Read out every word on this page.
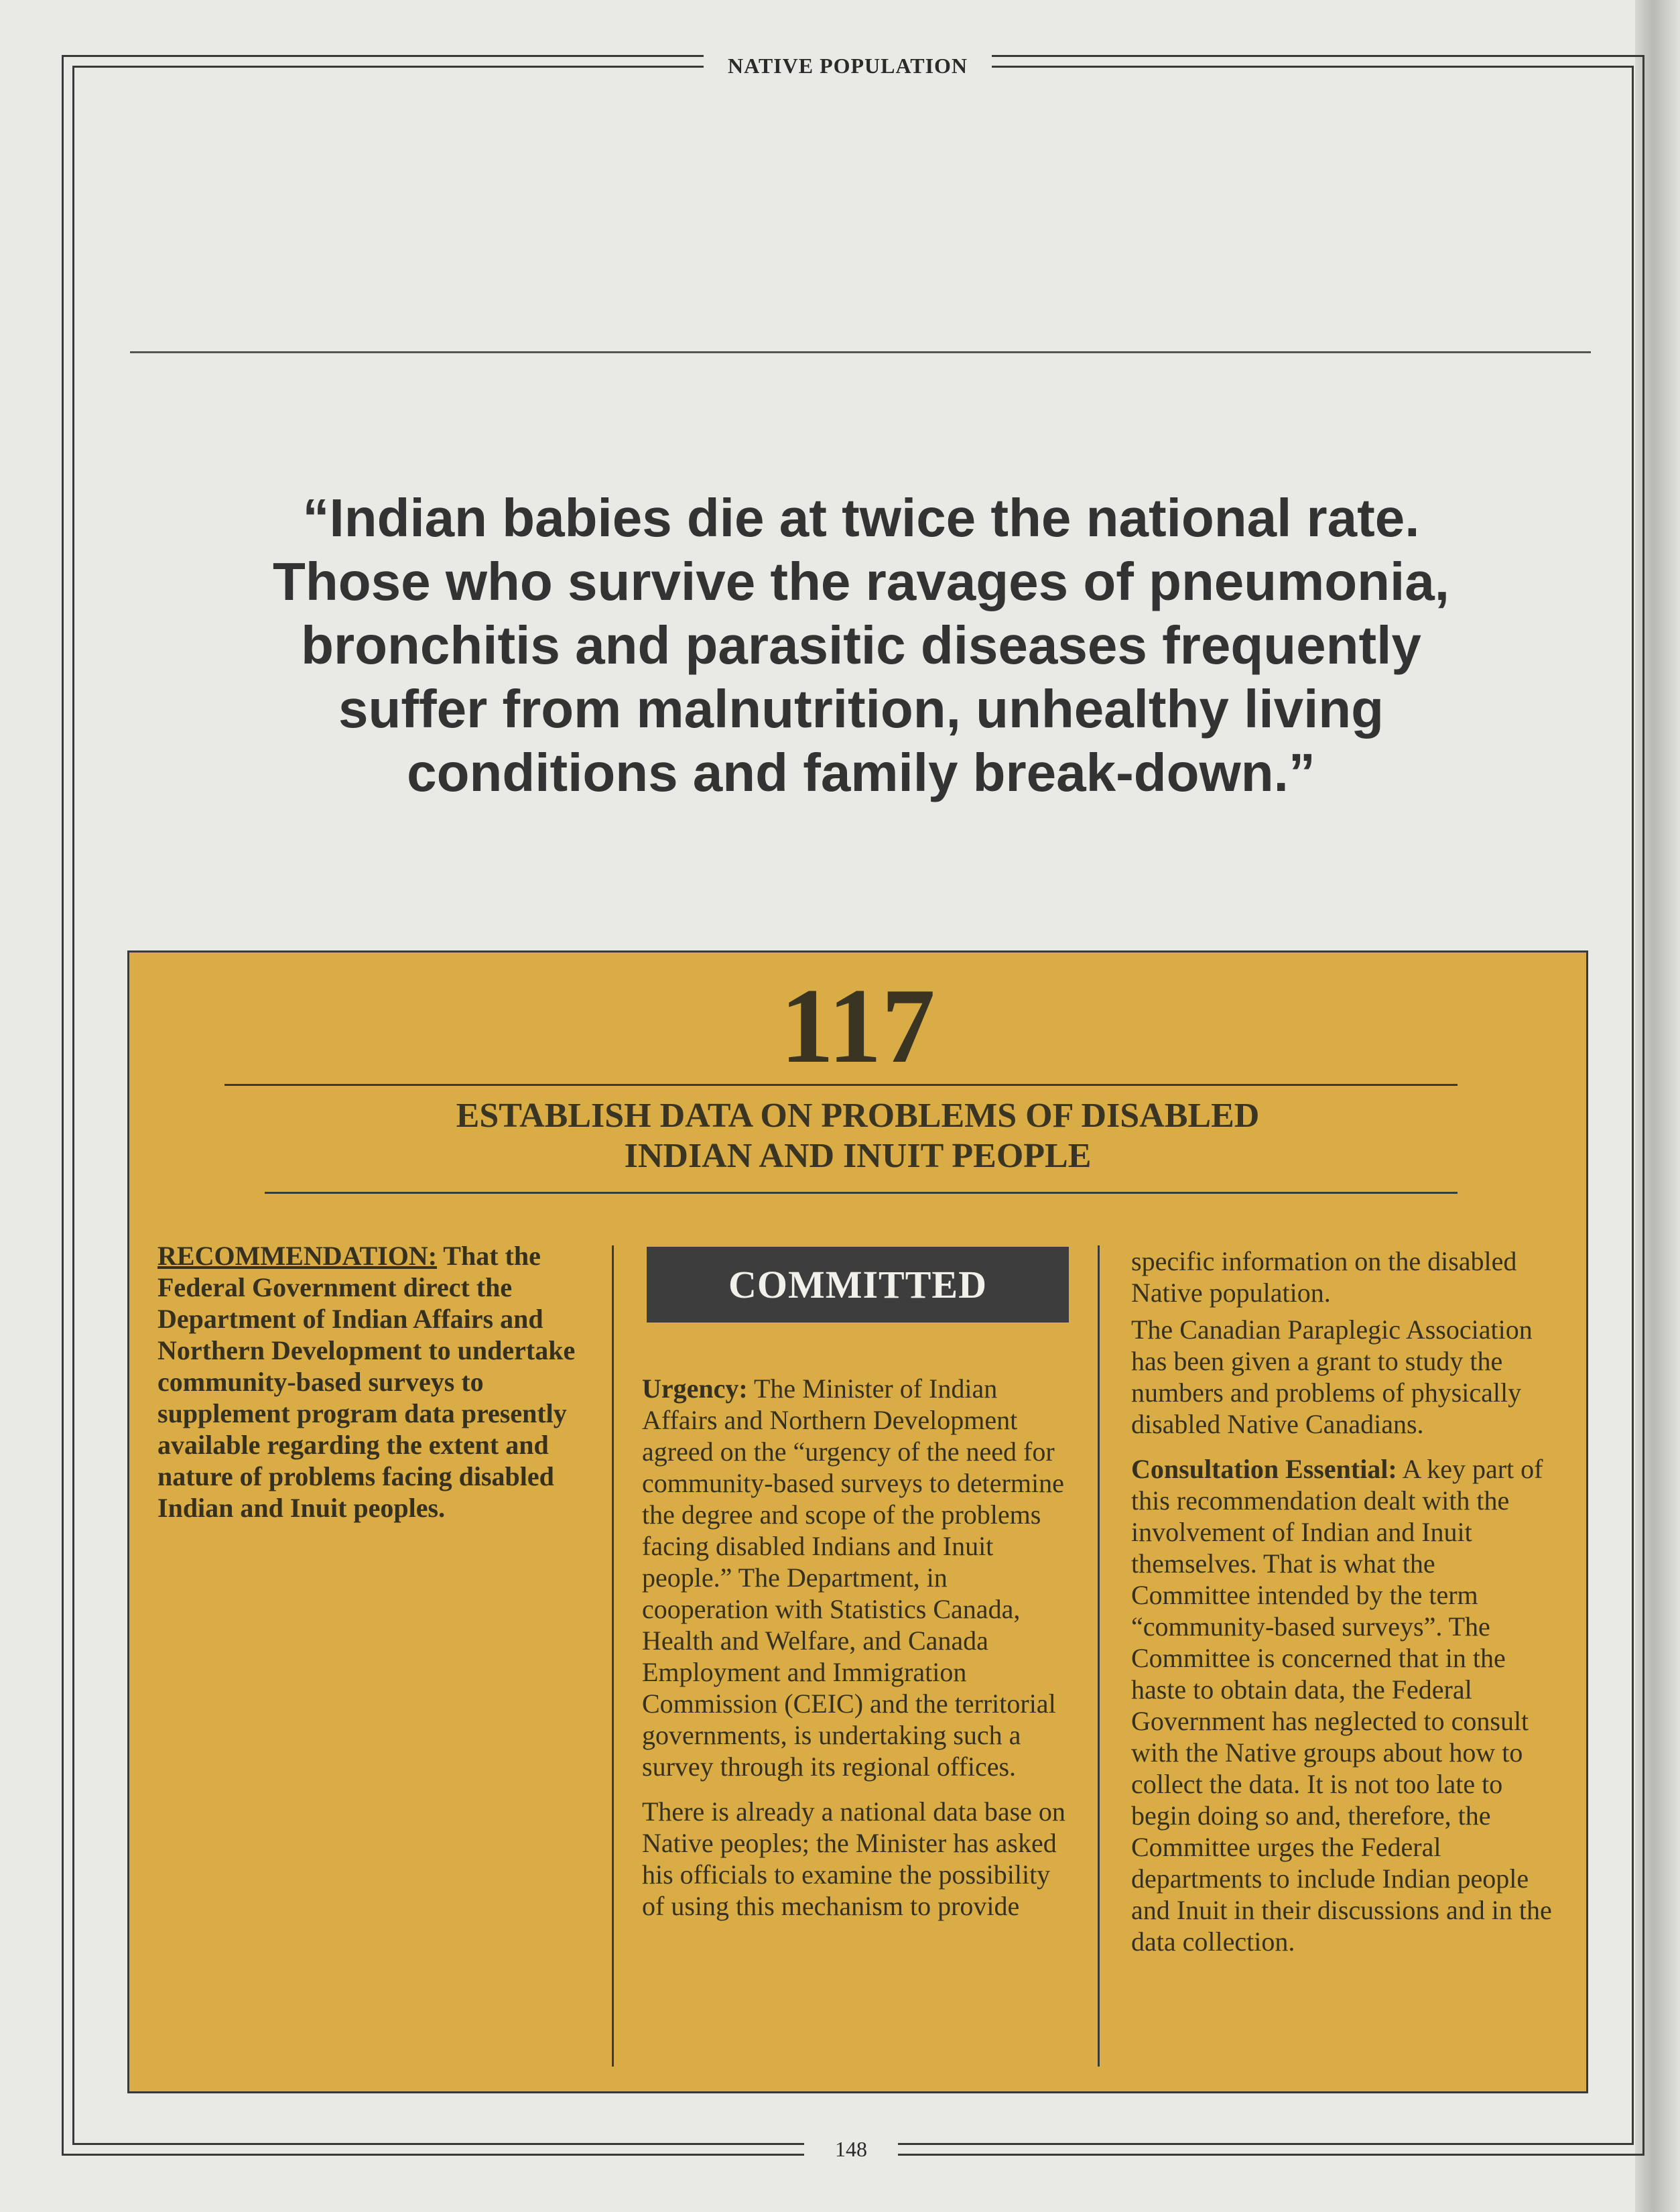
NATIVE POPULATION

“Indian babies die at twice the national rate.
Those who survive the ravages of pneumonia,
bronchitis and parasitic diseases frequently
suffer from malnutrition, unhealthy living
conditions and family break-down.”

117

ESTABLISH DATA ON PROBLEMS OF DISABLED
INDIAN AND INUIT PEOPLE

RECOMMENDATION: That the Federal Government direct the Department of Indian Affairs and Northern Development to undertake community-based surveys to supplement program data presently available regarding the extent and nature of problems facing disabled Indian and Inuit peoples.

COMMITTED

Urgency: The Minister of Indian Affairs and Northern Development agreed on the “urgency of the need for community-based surveys to determine the degree and scope of the problems facing disabled Indians and Inuit people.” The Department, in cooperation with Statistics Canada, Health and Welfare, and Canada Employment and Immigration Commission (CEIC) and the territorial governments, is undertaking such a survey through its regional offices.

There is already a national data base on Native peoples; the Minister has asked his officials to examine the possibility of using this mechanism to provide

specific information on the disabled Native population.

The Canadian Paraplegic Association has been given a grant to study the numbers and problems of physically disabled Native Canadians.

Consultation Essential: A key part of this recommendation dealt with the involvement of Indian and Inuit themselves. That is what the Committee intended by the term “community-based surveys”. The Committee is concerned that in the haste to obtain data, the Federal Government has neglected to consult with the Native groups about how to collect the data. It is not too late to begin doing so and, therefore, the Committee urges the Federal departments to include Indian people and Inuit in their discussions and in the data collection.

148
